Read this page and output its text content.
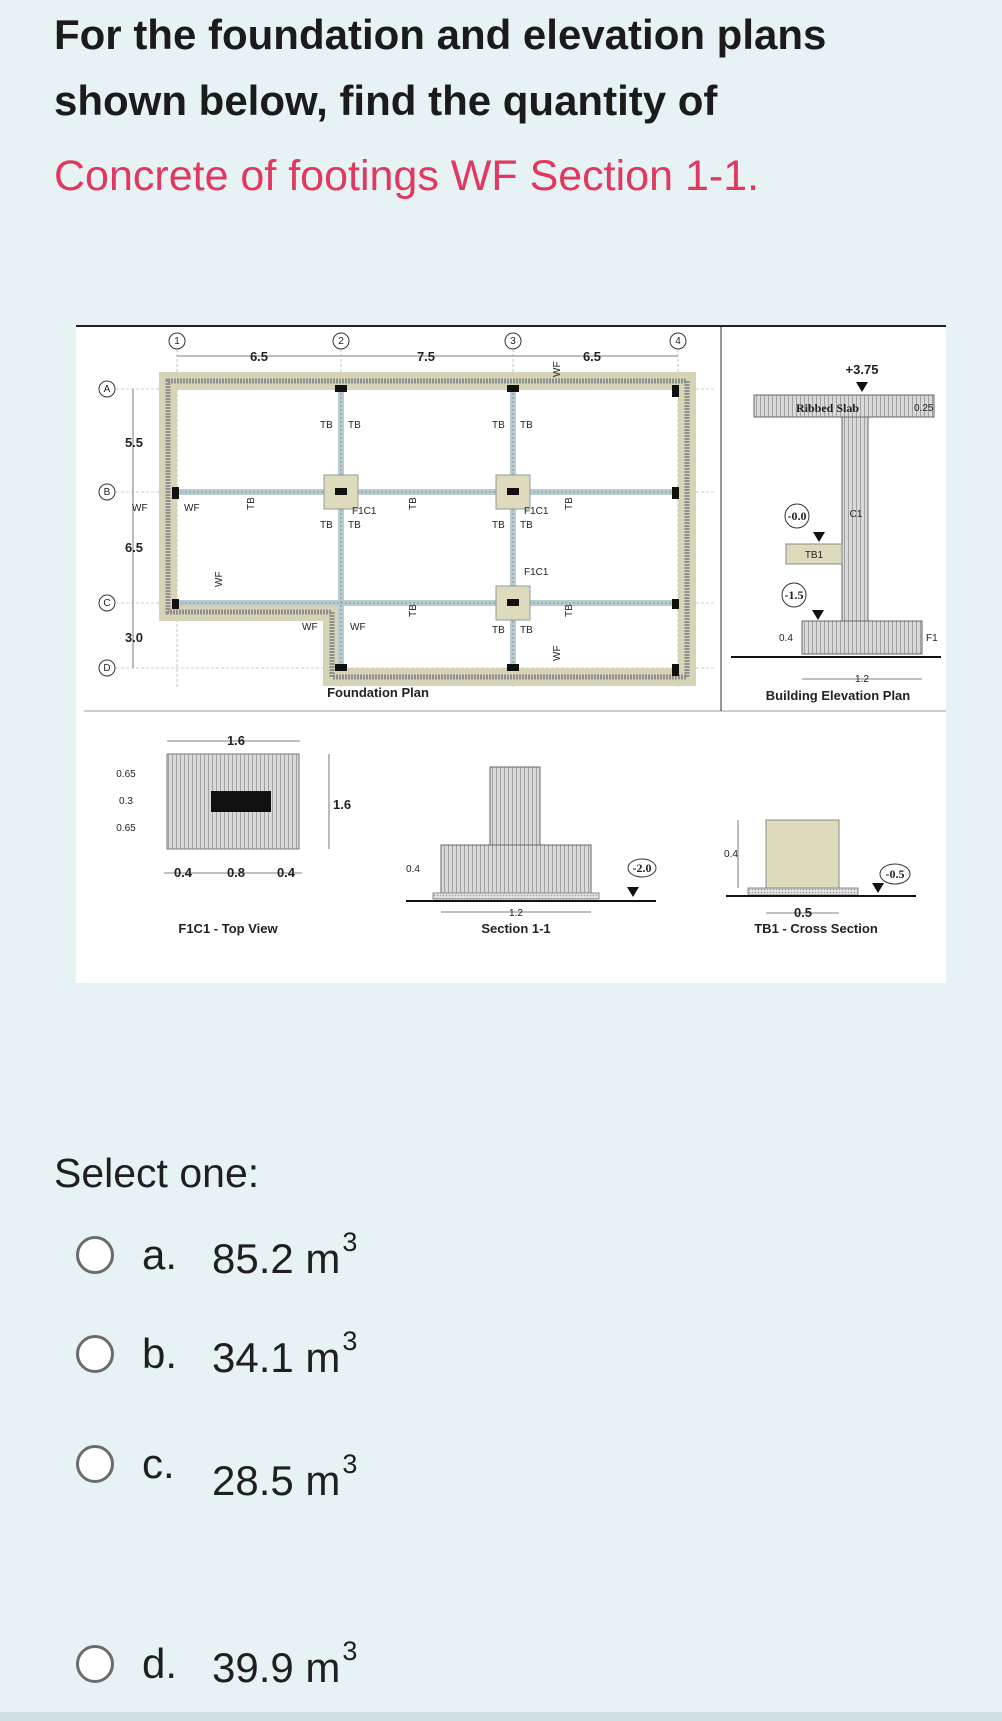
For the foundation and elevation plans
shown below, find the quantity of

Concrete of footings WF Section 1-1.

1	2	3	4
A
B
C
D
6.5	7.5	6.5
5.5
6.5
3.0
TB TB	TB TB
TB TB	TB TB
TB TB
F1C1	F1C1
F1C1
WF	WF
WF	WF
TB	TB	TB
TB	TB
WF
WF
WF
Foundation Plan
+3.75
Ribbed Slab	0.25
C1
-0.0
TB1
-1.5
0.4	F1
1.2
Building Elevation Plan
1.6
1.6
0.65
0.3
0.65
0.4	0.8 0.4
F1C1 - Top View
0.4
1.2
-2.0
Section 1-1
0.4
0.5
-0.5
TB1 - Cross Section
Select one:
a. 85.2 $m^3$
b. 34.1 $m^3$
c. 28.5 $m^3$
d. 39.9 $m^3$
